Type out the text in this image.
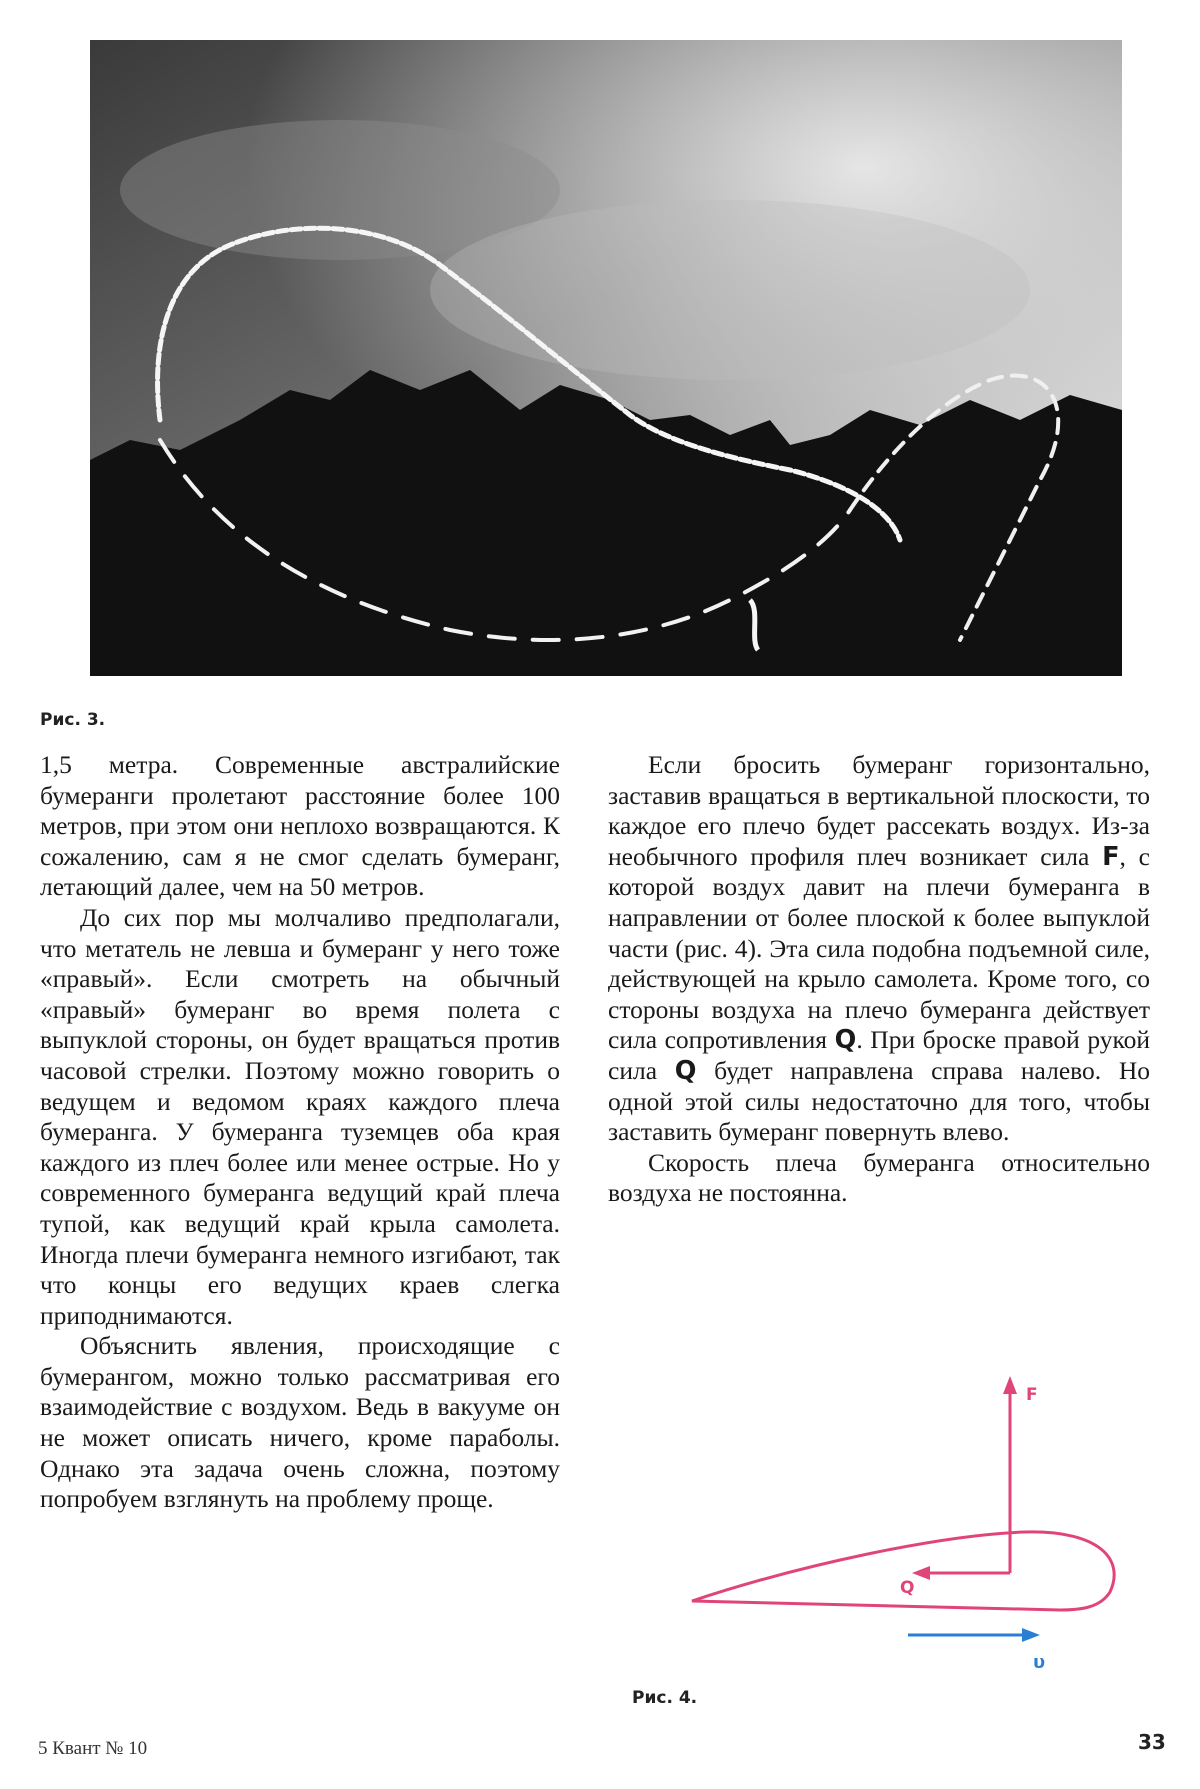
Рис. 3.

1,5 метра. Современные австралийские бумеранги пролетают расстояние более 100 метров, при этом они неплохо возвращаются. К сожалению, сам я не смог сделать бумеранг, летающий далее, чем на 50 метров.

До сих пор мы молчаливо предполагали, что метатель не левша и бумеранг у него тоже «правый». Если смотреть на обычный «правый» бумеранг во время полета с выпуклой стороны, он будет вращаться против часовой стрелки. Поэтому можно говорить о ведущем и ведомом краях каждого плеча бумеранга. У бумеранга туземцев оба края каждого из плеч более или менее острые. Но у современного бумеранга ведущий край плеча тупой, как ведущий край крыла самолета. Иногда плечи бумеранга немного изгибают, так что концы его ведущих краев слегка приподнимаются.

Объяснить явления, происходящие с бумерангом, можно только рассматривая его взаимодействие с воздухом. Ведь в вакууме он не может описать ничего, кроме параболы. Однако эта задача очень сложна, поэтому попробуем взглянуть на проблему проще.

Если бросить бумеранг горизонтально, заставив вращаться в вертикальной плоскости, то каждое его плечо будет рассекать воздух. Из-за необычного профиля плеч возникает сила F, с которой воздух давит на плечи бумеранга в направлении от более плоской к более выпуклой части (рис. 4). Эта сила подобна подъемной силе, действующей на крыло самолета. Кроме того, со стороны воздуха на плечо бумеранга действует сила сопротивления Q. При броске правой рукой сила Q будет направлена справа налево. Но одной этой силы недостаточно для того, чтобы заставить бумеранг повернуть влево.

Скорость плеча бумеранга относительно воздуха не постоянна.

F
Q
υ
Рис. 4.
5 Квант № 10	33
